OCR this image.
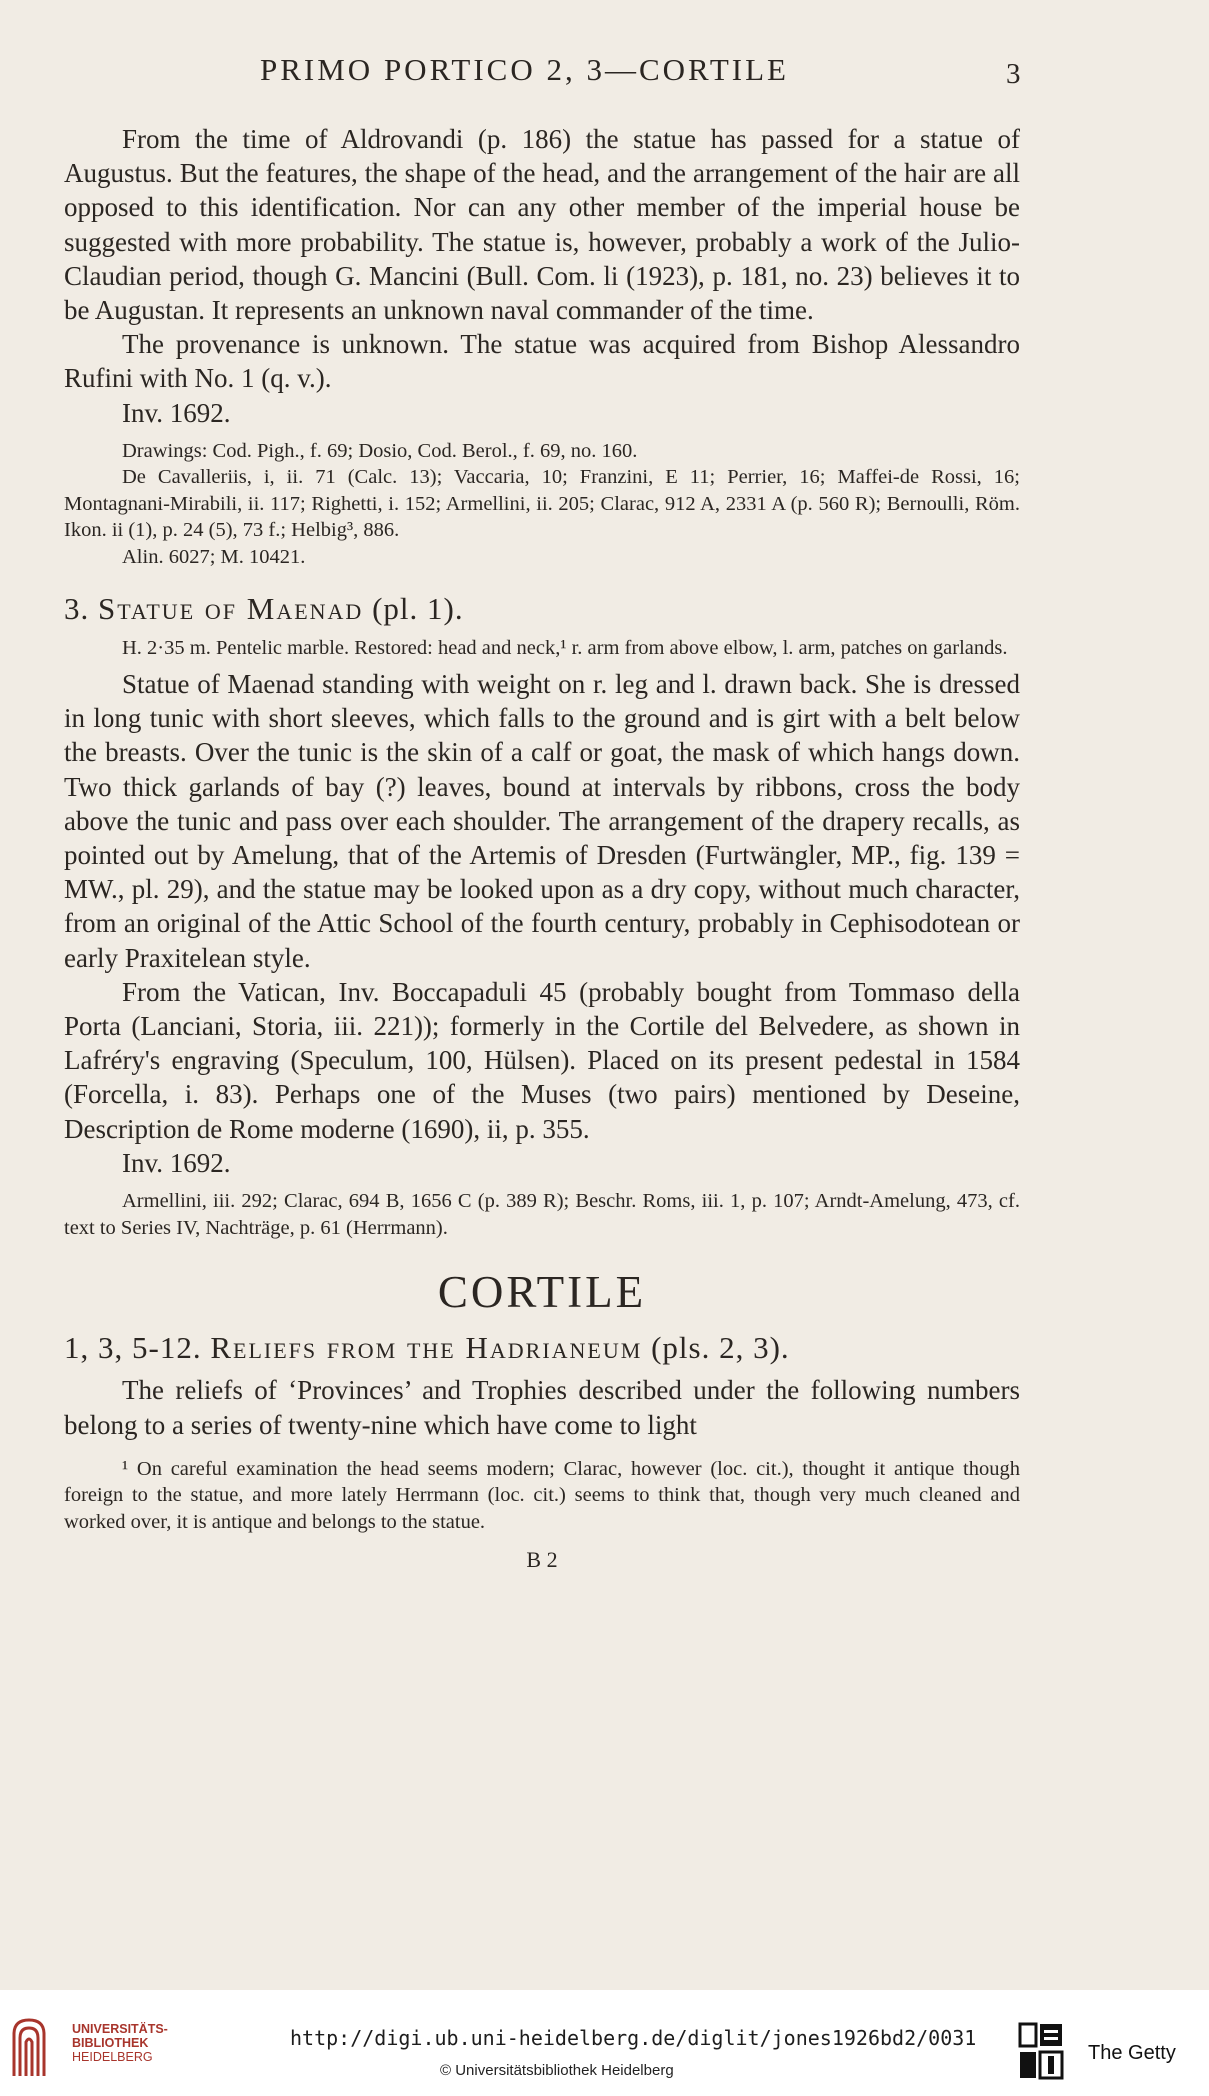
PRIMO PORTICO 2, 3—CORTILE	3

From the time of Aldrovandi (p. 186) the statue has passed for a statue of Augustus. But the features, the shape of the head, and the arrangement of the hair are all opposed to this identification. Nor can any other member of the imperial house be suggested with more probability. The statue is, however, probably a work of the Julio-Claudian period, though G. Mancini (Bull. Com. li (1923), p. 181, no. 23) believes it to be Augustan. It represents an unknown naval commander of the time.

The provenance is unknown. The statue was acquired from Bishop Alessandro Rufini with No. 1 (q. v.).

Inv. 1692.

Drawings: Cod. Pigh., f. 69; Dosio, Cod. Berol., f. 69, no. 160.

De Cavalleriis, i, ii. 71 (Calc. 13); Vaccaria, 10; Franzini, E 11; Perrier, 16; Maffei-de Rossi, 16; Montagnani-Mirabili, ii. 117; Righetti, i. 152; Armellini, ii. 205; Clarac, 912 A, 2331 A (p. 560 R); Bernoulli, Röm. Ikon. ii (1), p. 24 (5), 73 f.; Helbig³, 886.

Alin. 6027; M. 10421.

3. Statue of Maenad (pl. 1).

H. 2·35 m. Pentelic marble. Restored: head and neck,¹ r. arm from above elbow, l. arm, patches on garlands.

Statue of Maenad standing with weight on r. leg and l. drawn back. She is dressed in long tunic with short sleeves, which falls to the ground and is girt with a belt below the breasts. Over the tunic is the skin of a calf or goat, the mask of which hangs down. Two thick garlands of bay (?) leaves, bound at intervals by ribbons, cross the body above the tunic and pass over each shoulder. The arrangement of the drapery recalls, as pointed out by Amelung, that of the Artemis of Dresden (Furtwängler, MP., fig. 139 = MW., pl. 29), and the statue may be looked upon as a dry copy, without much character, from an original of the Attic School of the fourth century, probably in Cephisodotean or early Praxitelean style.

From the Vatican, Inv. Boccapaduli 45 (probably bought from Tommaso della Porta (Lanciani, Storia, iii. 221)); formerly in the Cortile del Belvedere, as shown in Lafréry's engraving (Speculum, 100, Hülsen). Placed on its present pedestal in 1584 (Forcella, i. 83). Perhaps one of the Muses (two pairs) mentioned by Deseine, Description de Rome moderne (1690), ii, p. 355.

Inv. 1692.

Armellini, iii. 292; Clarac, 694 B, 1656 C (p. 389 R); Beschr. Roms, iii. 1, p. 107; Arndt-Amelung, 473, cf. text to Series IV, Nachträge, p. 61 (Herrmann).

CORTILE
1, 3, 5-12. Reliefs from the Hadrianeum (pls. 2, 3).

The reliefs of ‘Provinces’ and Trophies described under the following numbers belong to a series of twenty-nine which have come to light

¹ On careful examination the head seems modern; Clarac, however (loc. cit.), thought it antique though foreign to the statue, and more lately Herrmann (loc. cit.) seems to think that, though very much cleaned and worked over, it is antique and belongs to the statue.

B 2
UNIVERSITÄTS-
BIBLIOTHEK
HEIDELBERG
http://digi.ub.uni-heidelberg.de/diglit/jones1926bd2/0031
© Universitätsbibliothek Heidelberg
The Getty
